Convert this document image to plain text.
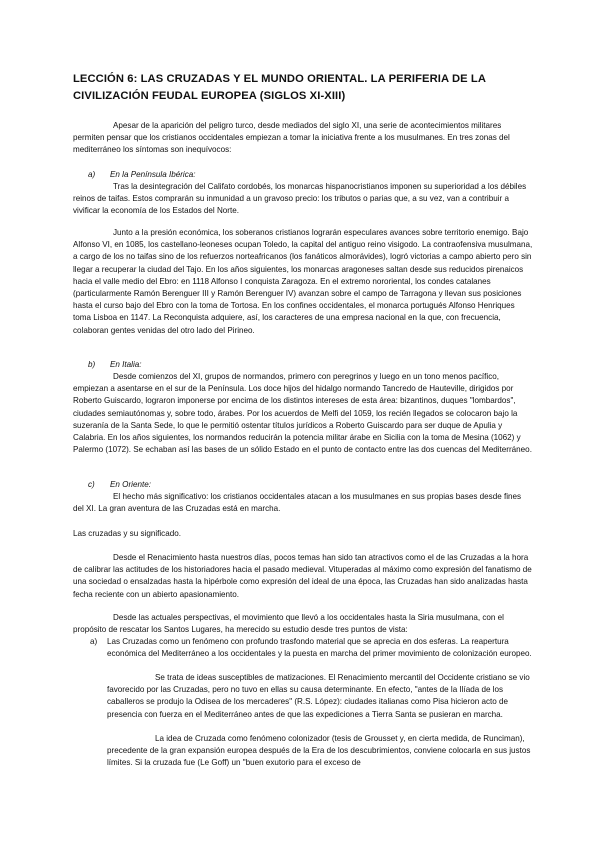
LECCIÓN 6: LAS CRUZADAS Y EL MUNDO ORIENTAL. LA PERIFERIA DE LA CIVILIZACIÓN FEUDAL EUROPEA (SIGLOS XI-XIII)

Apesar de la aparición del peligro turco, desde mediados del siglo XI, una serie de acontecimientos militares permiten pensar que los cristianos occidentales empiezan a tomar la iniciativa frente a los musulmanes. En tres zonas del mediterráneo los síntomas son inequívocos:

a) En la Península Ibérica:

Tras la desintegración del Califato cordobés, los monarcas hispanocristianos imponen su superioridad a los débiles reinos de taifas. Estos comprarán su inmunidad a un gravoso precio: los tributos o parias que, a su vez, van a contribuir a vivificar la economía de los Estados del Norte.

Junto a la presión económica, los soberanos cristianos lograrán especulares avances sobre territorio enemigo. Bajo Alfonso VI, en 1085, los castellano-leoneses ocupan Toledo, la capital del antiguo reino visigodo. La contraofensiva musulmana, a cargo de los no taifas sino de los refuerzos norteafricanos (los fanáticos almorávides), logró victorias a campo abierto pero sin llegar a recuperar la ciudad del Tajo. En los años siguientes, los monarcas aragoneses saltan desde sus reducidos pirenaicos hacia el valle medio del Ebro: en 1118 Alfonso I conquista Zaragoza. En el extremo nororiental, los condes catalanes (particularmente Ramón Berenguer III y Ramón Berenguer IV) avanzan sobre el campo de Tarragona y llevan sus posiciones hasta el curso bajo del Ebro con la toma de Tortosa. En los confines occidentales, el monarca portugués Alfonso Henriques toma Lisboa en 1147. La Reconquista adquiere, así, los caracteres de una empresa nacional en la que, con frecuencia, colaboran gentes venidas del otro lado del Pirineo.

b) En Italia:

Desde comienzos del XI, grupos de normandos, primero con peregrinos y luego en un tono menos pacífico, empiezan a asentarse en el sur de la Península. Los doce hijos del hidalgo normando Tancredo de Hauteville, dirigidos por Roberto Guiscardo, lograron imponerse por encima de los distintos intereses de esta área: bizantinos, duques "lombardos", ciudades semiautónomas y, sobre todo, árabes. Por los acuerdos de Melfi del 1059, los recién llegados se colocaron bajo la suzeranía de la Santa Sede, lo que le permitió ostentar títulos jurídicos a Roberto Guiscardo para ser duque de Apulia y Calabria. En los años siguientes, los normandos reducirán la potencia militar árabe en Sicilia con la toma de Mesina (1062) y Palermo (1072). Se echaban así las bases de un sólido Estado en el punto de contacto entre las dos cuencas del Mediterráneo.

c) En Oriente:

El hecho más significativo: los cristianos occidentales atacan a los musulmanes en sus propias bases desde fines del XI. La gran aventura de las Cruzadas está en marcha.

Las cruzadas y su significado.

Desde el Renacimiento hasta nuestros días, pocos temas han sido tan atractivos como el de las Cruzadas a la hora de calibrar las actitudes de los historiadores hacia el pasado medieval. Vituperadas al máximo como expresión del fanatismo de una sociedad o ensalzadas hasta la hipérbole como expresión del ideal de una época, las Cruzadas han sido analizadas hasta fecha reciente con un abierto apasionamiento.

Desde las actuales perspectivas, el movimiento que llevó a los occidentales hasta la Siria musulmana, con el propósito de rescatar los Santos Lugares, ha merecido su estudio desde tres puntos de vista:

a) Las Cruzadas como un fenómeno con profundo trasfondo material que se aprecia en dos esferas. La reapertura económica del Mediterráneo a los occidentales y la puesta en marcha del primer movimiento de colonización europeo.

Se trata de ideas susceptibles de matizaciones. El Renacimiento mercantil del Occidente cristiano se vio favorecido por las Cruzadas, pero no tuvo en ellas su causa determinante. En efecto, "antes de la Ilíada de los caballeros se produjo la Odisea de los mercaderes" (R.S. López): ciudades italianas como Pisa hicieron acto de presencia con fuerza en el Mediterráneo antes de que las expediciones a Tierra Santa se pusieran en marcha.

La idea de Cruzada como fenómeno colonizador (tesis de Grousset y, en cierta medida, de Runciman), precedente de la gran expansión europea después de la Era de los descubrimientos, conviene colocarla en sus justos límites. Si la cruzada fue (Le Goff) un "buen exutorio para el exceso de
